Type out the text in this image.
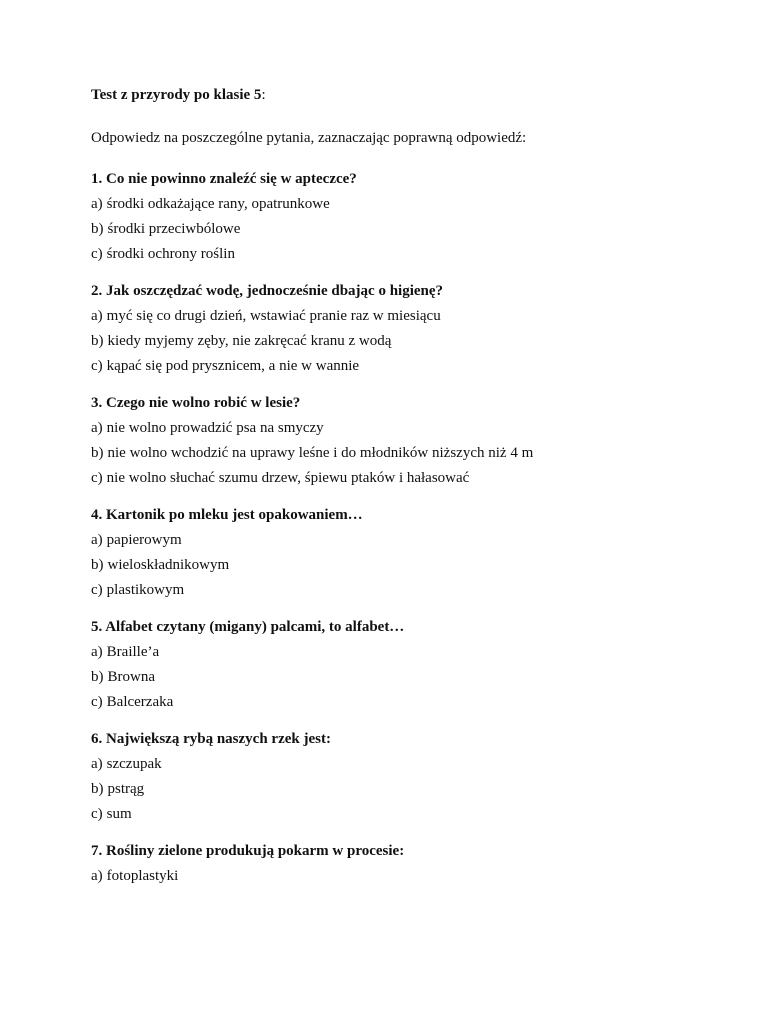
Test z przyrody po klasie 5:

Odpowiedz na poszczególne pytania, zaznaczając poprawną odpowiedź:

1. Co nie powinno znaleźć się w apteczce?
a) środki odkażające rany, opatrunkowe
b) środki przeciwbólowe
c) środki ochrony roślin
2. Jak oszczędzać wodę, jednocześnie dbając o higienę?
a) myć się co drugi dzień, wstawiać pranie raz w miesiącu
b) kiedy myjemy zęby, nie zakręcać kranu z wodą
c) kąpać się pod prysznicem, a nie w wannie
3. Czego nie wolno robić w lesie?
a) nie wolno prowadzić psa na smyczy
b) nie wolno wchodzić na uprawy leśne i do młodników niższych niż 4 m
c) nie wolno słuchać szumu drzew, śpiewu ptaków i hałasować
4. Kartonik po mleku jest opakowaniem…
a) papierowym
b) wieloskładnikowym
c) plastikowym
5. Alfabet czytany (migany) palcami, to alfabet…
a) Braille’a
b) Browna
c) Balcerzaka
6. Największą rybą naszych rzek jest:
a) szczupak
b) pstrąg
c) sum
7. Rośliny zielone produkują pokarm w procesie:
a) fotoplastyki
